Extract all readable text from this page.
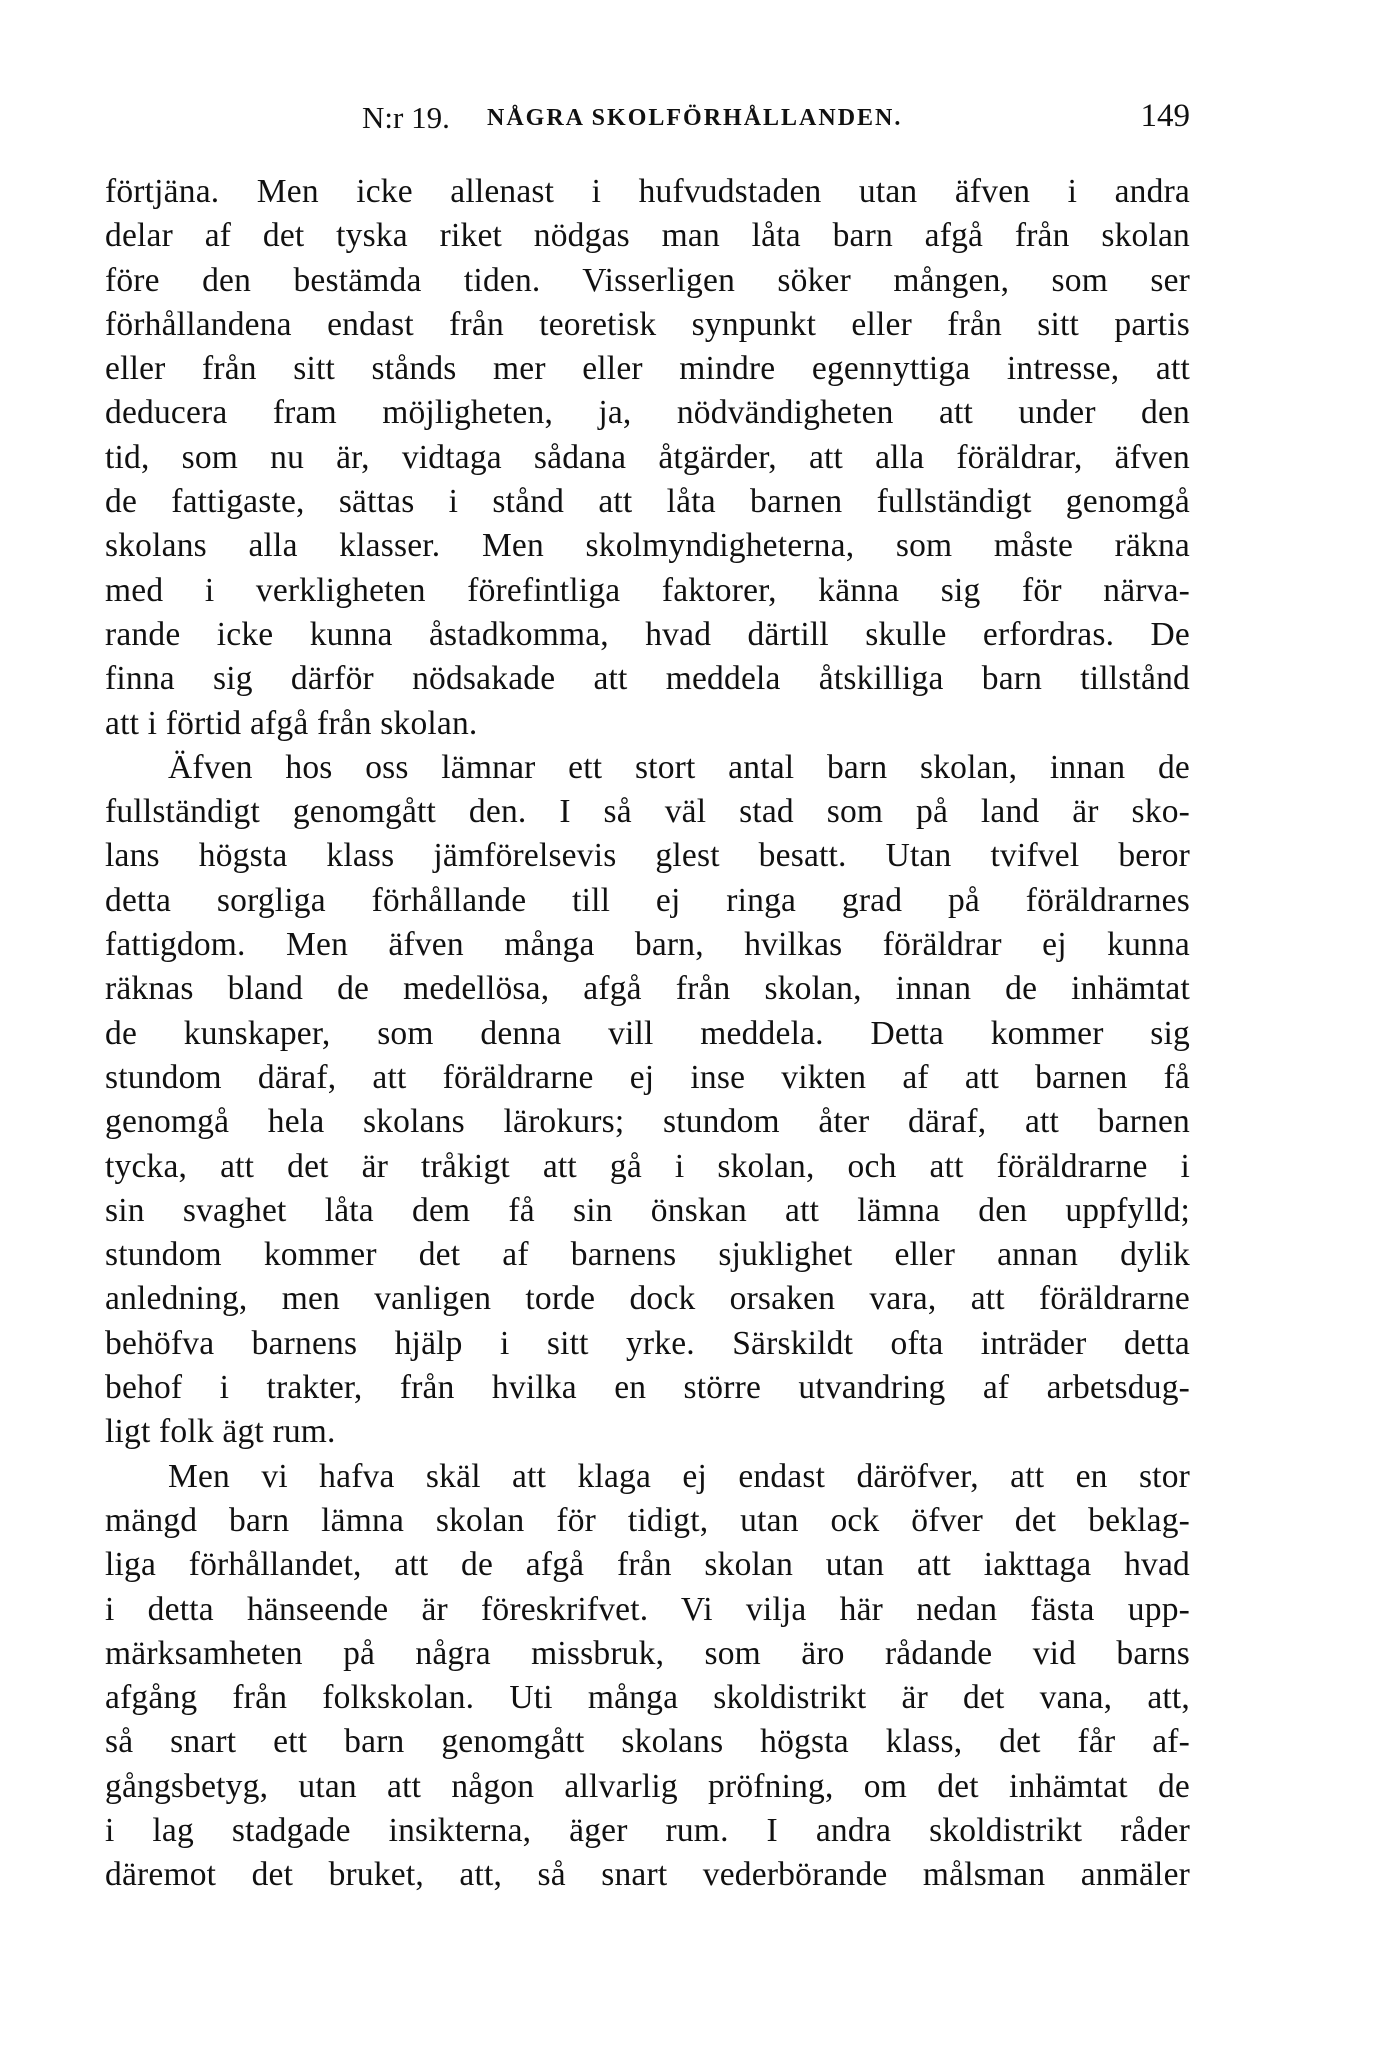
N:r 19. NÅGRA SKOLFÖRHÅLLANDEN.	149
förtjäna. Men icke allenast i hufvudstaden utan äfven i andra
delar af det tyska riket nödgas man låta barn afgå från skolan
före den bestämda tiden. Visserligen söker mången, som ser
förhållandena endast från teoretisk synpunkt eller från sitt partis
eller från sitt stånds mer eller mindre egennyttiga intresse, att
deducera fram möjligheten, ja, nödvändigheten att under den
tid, som nu är, vidtaga sådana åtgärder, att alla föräldrar, äfven
de fattigaste, sättas i stånd att låta barnen fullständigt genomgå
skolans alla klasser. Men skolmyndigheterna, som måste räkna
med i verkligheten förefintliga faktorer, känna sig för närva-
rande icke kunna åstadkomma, hvad därtill skulle erfordras. De
finna sig därför nödsakade att meddela åtskilliga barn tillstånd
att i förtid afgå från skolan.
Äfven hos oss lämnar ett stort antal barn skolan, innan de
fullständigt genomgått den. I så väl stad som på land är sko-
lans högsta klass jämförelsevis glest besatt. Utan tvifvel beror
detta sorgliga förhållande till ej ringa grad på föräldrarnes
fattigdom. Men äfven många barn, hvilkas föräldrar ej kunna
räknas bland de medellösa, afgå från skolan, innan de inhämtat
de kunskaper, som denna vill meddela. Detta kommer sig
stundom däraf, att föräldrarne ej inse vikten af att barnen få
genomgå hela skolans lärokurs; stundom åter däraf, att barnen
tycka, att det är tråkigt att gå i skolan, och att föräldrarne i
sin svaghet låta dem få sin önskan att lämna den uppfylld;
stundom kommer det af barnens sjuklighet eller annan dylik
anledning, men vanligen torde dock orsaken vara, att föräldrarne
behöfva barnens hjälp i sitt yrke. Särskildt ofta inträder detta
behof i trakter, från hvilka en större utvandring af arbetsdug-
ligt folk ägt rum.
Men vi hafva skäl att klaga ej endast däröfver, att en stor
mängd barn lämna skolan för tidigt, utan ock öfver det beklag-
liga förhållandet, att de afgå från skolan utan att iakttaga hvad
i detta hänseende är föreskrifvet. Vi vilja här nedan fästa upp-
märksamheten på några missbruk, som äro rådande vid barns
afgång från folkskolan. Uti många skoldistrikt är det vana, att,
så snart ett barn genomgått skolans högsta klass, det får af-
gångsbetyg, utan att någon allvarlig pröfning, om det inhämtat de
i lag stadgade insikterna, äger rum. I andra skoldistrikt råder
däremot det bruket, att, så snart vederbörande målsman anmäler
